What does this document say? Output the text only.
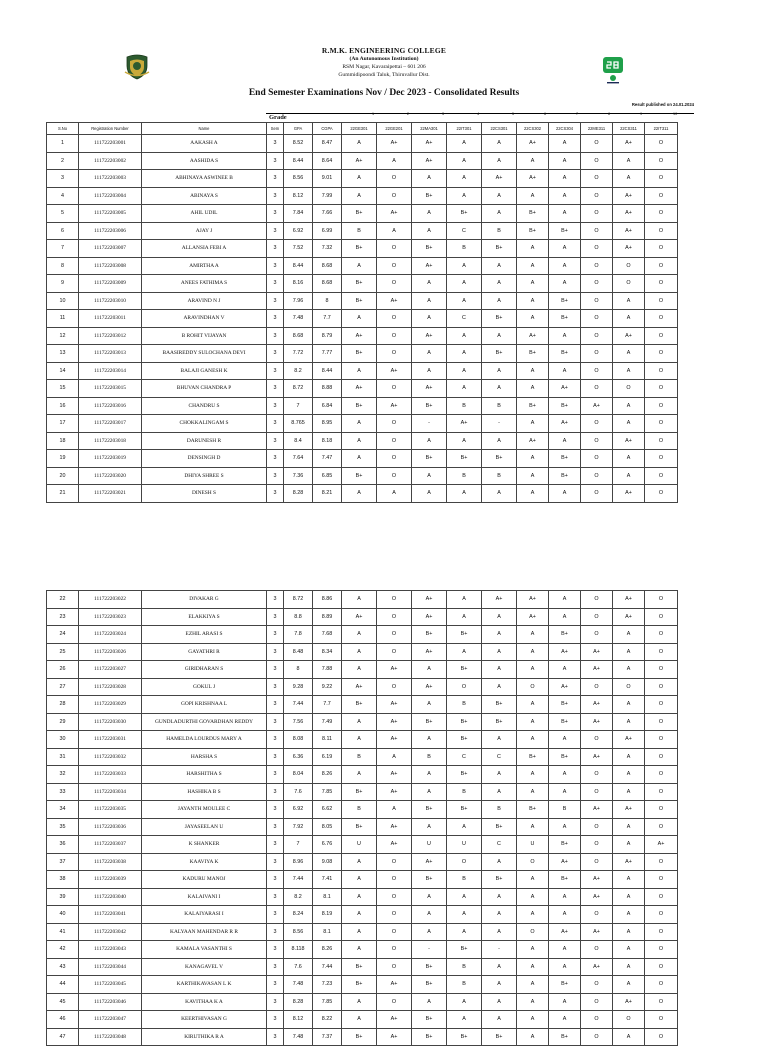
R.M.K. ENGINEERING COLLEGE
(An Autonomous Institution)
RSM Nagar, Kavaraipettai – 601 206
Gummidipoondi Taluk, Thiruvallur Dist.
End Semester Examinations Nov / Dec 2023 - Consolidated Results
Result published on 24.01.2024
Grade	1	2	3	4	5	6	7	8	9	10
S.No	Registration Number	Name	Sem	GPA	CGPA	22GE301	22GE201	22MA301	22IT301	22CS301	22CS302	22CS304	22ME311	22CS311	22IT311
1	111722203001	AAKASH A	3	8.52	8.47	A	A+	A+	A	A	A+	A	O	A+	O
2	111722203002	AASHIDA S	3	8.44	8.64	A+	A	A+	A	A	A	A	O	A	O
3	111722203003	ABHINAYA ASWINEE B	3	8.56	9.01	A	O	A	A	A+	A+	A	O	A	O
4	111722203004	ABINAYA S	3	8.12	7.99	A	O	B+	A	A	A	A	O	A+	O
5	111722203005	AHIL UDIL	3	7.84	7.66	B+	A+	A	B+	A	B+	A	O	A+	O
6	111722203006	AJAY J	3	6.92	6.99	B	A	A	C	B	B+	B+	O	A+	O
7	111722203007	ALLANSIA FEBI A	3	7.52	7.32	B+	O	B+	B	B+	A	A	O	A+	O
8	111722203008	AMIRTHA A	3	8.44	8.68	A	O	A+	A	A	A	A	O	O	O
9	111722203009	ANEES FATHIMA S	3	8.16	8.68	B+	O	A	A	A	A	A	O	O	O
10	111722203010	ARAVIND N J	3	7.96	8	B+	A+	A	A	A	A	B+	O	A	O
11	111722203011	ARAVINDHAN V	3	7.48	7.7	A	O	A	C	B+	A	B+	O	A	O
12	111722203012	B ROHIT VIJAYAN	3	8.68	8.79	A+	O	A+	A	A	A+	A	O	A+	O
13	111722203013	BAASIREDDY SULOCHANA DEVI	3	7.72	7.77	B+	O	A	A	B+	B+	B+	O	A	O
14	111722203014	BALAJI GANESH K	3	8.2	8.44	A	A+	A	A	A	A	A	O	A	O
15	111722203015	BHUVAN CHANDRA P	3	8.72	8.88	A+	O	A+	A	A	A	A+	O	O	O
16	111722203016	CHANDRU S	3	7	6.84	B+	A+	B+	B	B	B+	B+	A+	A	O
17	111722203017	CHOKKALINGAM S	3	8.765	8.95	A	O	-	A+	-	A	A+	O	A	O
18	111722203018	DARUNESH R	3	8.4	8.18	A	O	A	A	A	A+	A	O	A+	O
19	111722203019	DENSINGH D	3	7.64	7.47	A	O	B+	B+	B+	A	B+	O	A	O
20	111722203020	DHIYA SHREE S	3	7.36	6.85	B+	O	A	B	B	A	B+	O	A	O
21	111722203021	DINESH S	3	8.28	8.21	A	A	A	A	A	A	A	O	A+	O
22	111722203022	DIVAKAR G	3	8.72	8.86	A	O	A+	A	A+	A+	A	O	A+	O
23	111722203023	ELAKKIYA S	3	8.8	8.89	A+	O	A+	A	A	A+	A	O	A+	O
24	111722203024	EZHIL ARASI S	3	7.8	7.68	A	O	B+	B+	A	A	B+	O	A	O
25	111722203026	GAYATHRI R	3	8.48	8.34	A	O	A+	A	A	A	A+	A+	A	O
26	111722203027	GIRIDHARAN S	3	8	7.88	A	A+	A	B+	A	A	A	A+	A	O
27	111722203028	GOKUL J	3	9.28	9.22	A+	O	A+	O	A	O	A+	O	O	O
28	111722203029	GOPI KRISHNAA L	3	7.44	7.7	B+	A+	A	B	B+	A	B+	A+	A	O
29	111722203030	GUNDLADURTHI GOVARDHAN REDDY	3	7.56	7.49	A	A+	B+	B+	B+	A	B+	A+	A	O
30	111722203031	HAMELDA LOURDUS MARY A	3	8.08	8.11	A	A+	A	B+	A	A	A	O	A+	O
31	111722203032	HARSHA S	3	6.36	6.19	B	A	B	C	C	B+	B+	A+	A	O
32	111722203033	HARSHITHA S	3	8.04	8.26	A	A+	A	B+	A	A	A	O	A	O
33	111722203034	HASHIKA B S	3	7.6	7.85	B+	A+	A	B	A	A	A	O	A	O
34	111722203035	JAYANTH MOULEE C	3	6.92	6.62	B	A	B+	B+	B	B+	B	A+	A+	O
35	111722203036	JAYASEELAN U	3	7.92	8.05	B+	A+	A	A	B+	A	A	O	A	O
36	111722203037	K SHANKER	3	7	6.76	U	A+	U	U	C	U	B+	O	A	A+
37	111722203038	KAAVIYA K	3	8.96	9.08	A	O	A+	O	A	O	A+	O	A+	O
38	111722203039	KADURU MANOJ	3	7.44	7.41	A	O	B+	B	B+	A	B+	A+	A	O
39	111722203040	KALAIVANI I	3	8.2	8.1	A	O	A	A	A	A	A	A+	A	O
40	111722203041	KALAIYARASI I	3	8.24	8.19	A	O	A	A	A	A	A	O	A	O
41	111722203042	KALYAAN MAHENDAR R R	3	8.56	8.1	A	O	A	A	A	O	A+	A+	A	O
42	111722203043	KAMALA VASANTHI S	3	8.118	8.26	A	O	-	B+	-	A	A	O	A	O
43	111722203044	KANAGAVEL V	3	7.6	7.44	B+	O	B+	B	A	A	A	A+	A	O
44	111722203045	KARTHIKAVASAN L K	3	7.48	7.23	B+	A+	B+	B	A	A	B+	O	A	O
45	111722203046	KAVITHAA K A	3	8.28	7.85	A	O	A	A	A	A	A	O	A+	O
46	111722203047	KEERTHIVASAN G	3	8.12	8.22	A	A+	B+	A	A	A	A	O	O	O
47	111722203048	KIRUTHIKA R A	3	7.48	7.37	B+	A+	B+	B+	B+	A	B+	O	A	O
